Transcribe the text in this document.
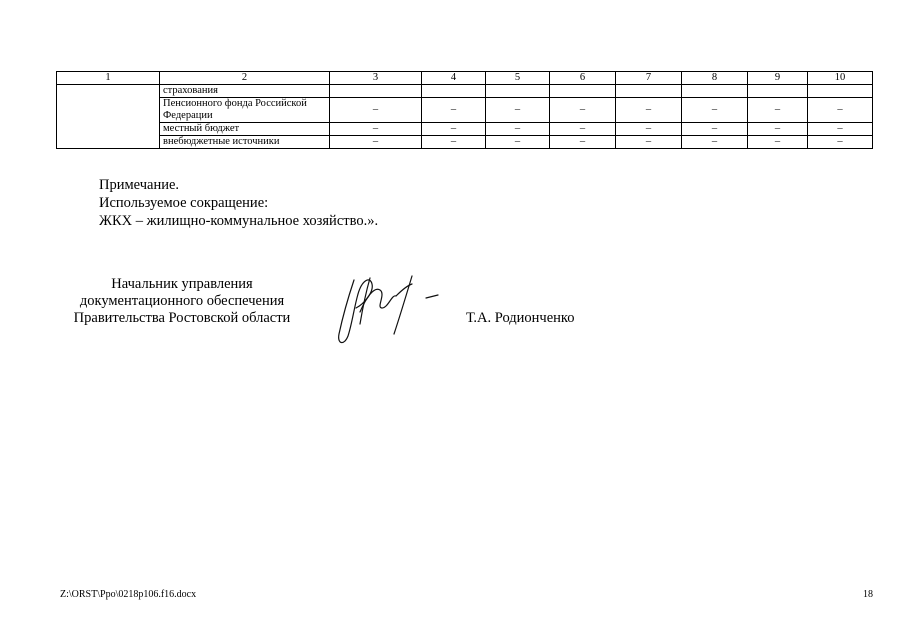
1	2	3	4	5	6	7	8	9	10
	страхования								
	Пенсионного фонда Российской Федерации	–	–	–	–	–	–	–	–
	местный бюджет	–	–	–	–	–	–	–	–
	внебюджетные источники	–	–	–	–	–	–	–	–
Примечание.
Используемое сокращение:
ЖКХ – жилищно-коммунальное хозяйство.».
Начальник управления
документационного обеспечения
Правительства Ростовской области	Т.А. Родионченко
Z:\ORST\Ppo\0218p106.f16.docx	18
